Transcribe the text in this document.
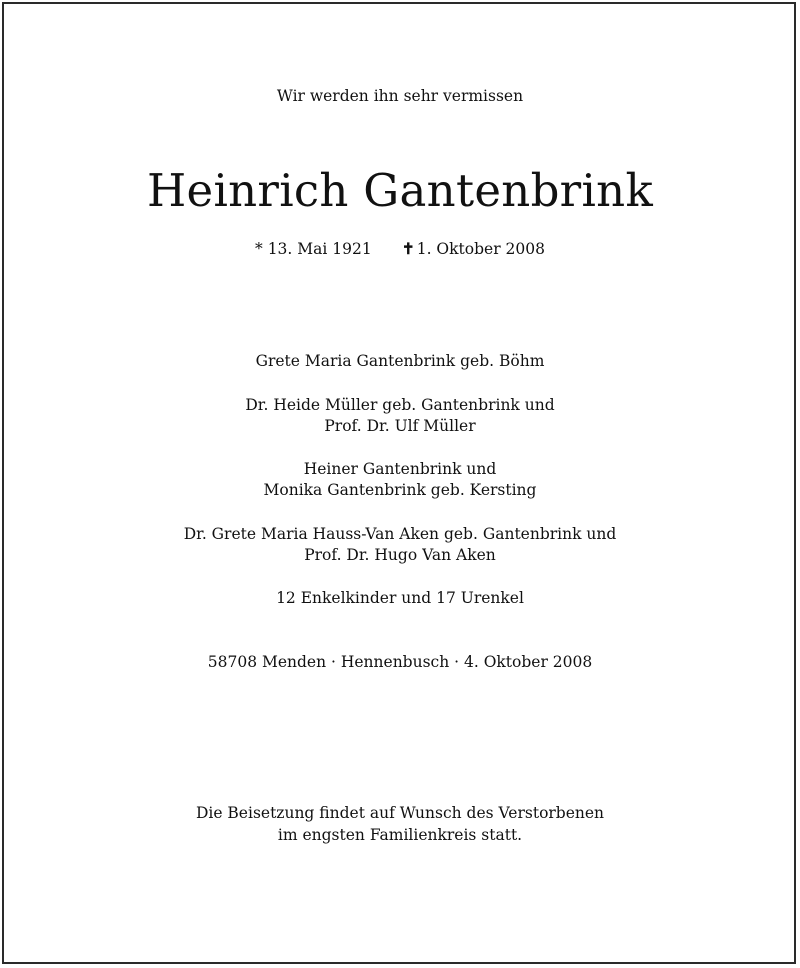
Wir werden ihn sehr vermissen
Heinrich Gantenbrink
* 13. Mai 1921 ✝ 1. Oktober 2008
Grete Maria Gantenbrink geb. Böhm
Dr. Heide Müller geb. Gantenbrink und
Prof. Dr. Ulf Müller
Heiner Gantenbrink und
Monika Gantenbrink geb. Kersting
Dr. Grete Maria Hauss-Van Aken geb. Gantenbrink und
Prof. Dr. Hugo Van Aken
12 Enkelkinder und 17 Urenkel
58708 Menden · Hennenbusch · 4. Oktober 2008
Die Beisetzung findet auf Wunsch des Verstorbenen
im engsten Familienkreis statt.
